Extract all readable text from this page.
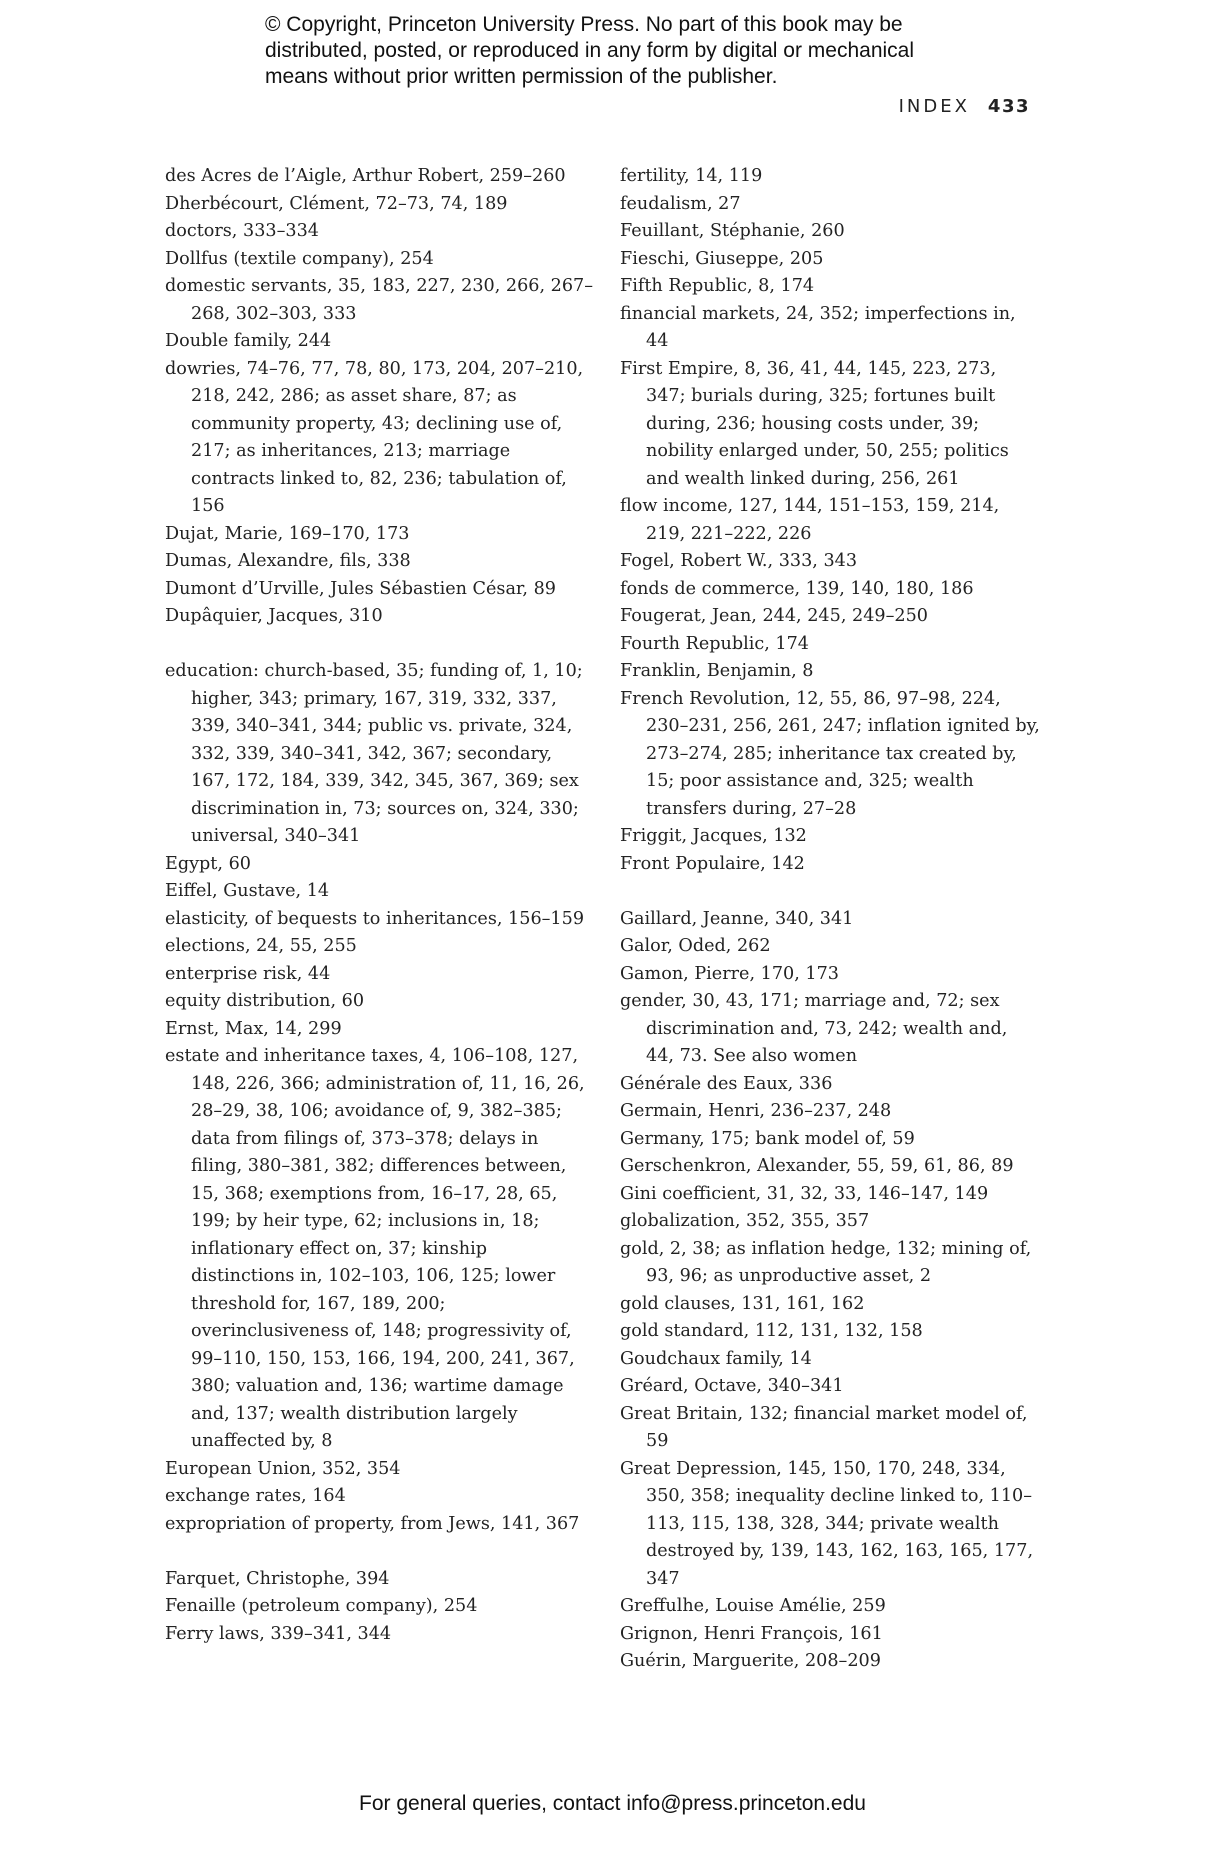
© Copyright, Princeton University Press. No part of this book may be
distributed, posted, or reproduced in any form by digital or mechanical
means without prior written permission of the publisher.
INDEX 433
des Acres de l’Aigle, Arthur Robert, 259–260
Dherbécourt, Clément, 72–73, 74, 189
doctors, 333–334
Dollfus (textile company), 254
domestic servants, 35, 183, 227, 230, 266, 267–268, 302–303, 333
Double family, 244
dowries, 74–76, 77, 78, 80, 173, 204, 207–210, 218, 242, 286; as asset share, 87; as community property, 43; declining use of, 217; as inheritances, 213; marriage contracts linked to, 82, 236; tabulation of, 156
Dujat, Marie, 169–170, 173
Dumas, Alexandre, fils, 338
Dumont d’Urville, Jules Sébastien César, 89
Dupâquier, Jacques, 310
education: church-based, 35; funding of, 1, 10; higher, 343; primary, 167, 319, 332, 337, 339, 340–341, 344; public vs. private, 324, 332, 339, 340–341, 342, 367; secondary, 167, 172, 184, 339, 342, 345, 367, 369; sex discrimination in, 73; sources on, 324, 330; universal, 340–341
Egypt, 60
Eiffel, Gustave, 14
elasticity, of bequests to inheritances, 156–159
elections, 24, 55, 255
enterprise risk, 44
equity distribution, 60
Ernst, Max, 14, 299
estate and inheritance taxes, 4, 106–108, 127, 148, 226, 366; administration of, 11, 16, 26, 28–29, 38, 106; avoidance of, 9, 382–385; data from filings of, 373–378; delays in filing, 380–381, 382; differences between, 15, 368; exemptions from, 16–17, 28, 65, 199; by heir type, 62; inclusions in, 18; inflationary effect on, 37; kinship distinctions in, 102–103, 106, 125; lower threshold for, 167, 189, 200; overinclusiveness of, 148; progressivity of, 99–110, 150, 153, 166, 194, 200, 241, 367, 380; valuation and, 136; wartime damage and, 137; wealth distribution largely unaffected by, 8
European Union, 352, 354
exchange rates, 164
expropriation of property, from Jews, 141, 367
Farquet, Christophe, 394
Fenaille (petroleum company), 254
Ferry laws, 339–341, 344
fertility, 14, 119
feudalism, 27
Feuillant, Stéphanie, 260
Fieschi, Giuseppe, 205
Fifth Republic, 8, 174
financial markets, 24, 352; imperfections in, 44
First Empire, 8, 36, 41, 44, 145, 223, 273, 347; burials during, 325; fortunes built during, 236; housing costs under, 39; nobility enlarged under, 50, 255; politics and wealth linked during, 256, 261
flow income, 127, 144, 151–153, 159, 214, 219, 221–222, 226
Fogel, Robert W., 333, 343
fonds de commerce, 139, 140, 180, 186
Fougerat, Jean, 244, 245, 249–250
Fourth Republic, 174
Franklin, Benjamin, 8
French Revolution, 12, 55, 86, 97–98, 224, 230–231, 256, 261, 247; inflation ignited by, 273–274, 285; inheritance tax created by, 15; poor assistance and, 325; wealth transfers during, 27–28
Friggit, Jacques, 132
Front Populaire, 142
Gaillard, Jeanne, 340, 341
Galor, Oded, 262
Gamon, Pierre, 170, 173
gender, 30, 43, 171; marriage and, 72; sex discrimination and, 73, 242; wealth and, 44, 73. See also women
Générale des Eaux, 336
Germain, Henri, 236–237, 248
Germany, 175; bank model of, 59
Gerschenkron, Alexander, 55, 59, 61, 86, 89
Gini coefficient, 31, 32, 33, 146–147, 149
globalization, 352, 355, 357
gold, 2, 38; as inflation hedge, 132; mining of, 93, 96; as unproductive asset, 2
gold clauses, 131, 161, 162
gold standard, 112, 131, 132, 158
Goudchaux family, 14
Gréard, Octave, 340–341
Great Britain, 132; financial market model of, 59
Great Depression, 145, 150, 170, 248, 334, 350, 358; inequality decline linked to, 110–113, 115, 138, 328, 344; private wealth destroyed by, 139, 143, 162, 163, 165, 177, 347
Greffulhe, Louise Amélie, 259
Grignon, Henri François, 161
Guérin, Marguerite, 208–209
For general queries, contact info@press.princeton.edu
